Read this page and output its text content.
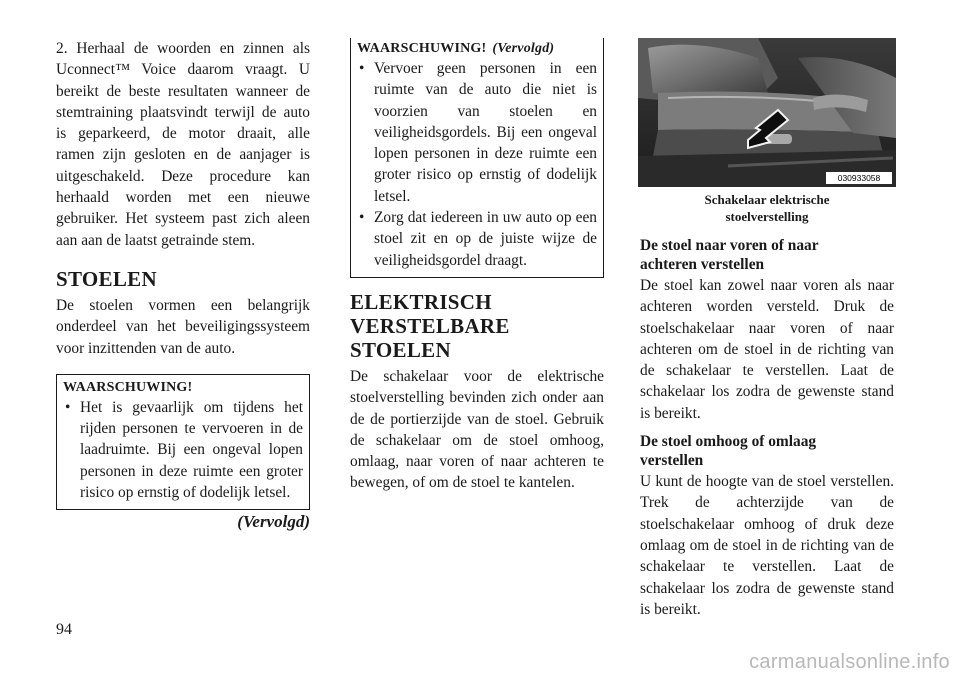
2. Herhaal de woorden en zinnen als Uconnect™ Voice daarom vraagt. U bereikt de beste resultaten wanneer de stemtraining plaatsvindt terwijl de auto is geparkeerd, de motor draait, alle ramen zijn gesloten en de aanjager is uitgeschakeld. Deze procedure kan herhaald worden met een nieuwe gebruiker. Het systeem past zich aleen aan aan de laatst getrainde stem.

STOELEN

De stoelen vormen een belangrijk onderdeel van het beveiligingssysteem voor inzittenden van de auto.

WAARSCHUWING!
• Het is gevaarlijk om tijdens het rijden personen te vervoeren in de laadruimte. Bij een ongeval lopen personen in deze ruimte een groter risico op ernstig of dodelijk letsel.
(Vervolgd)
WAARSCHUWING! (Vervolgd)
• Vervoer geen personen in een ruimte van de auto die niet is voorzien van stoelen en veiligheidsgordels. Bij een ongeval lopen personen in deze ruimte een groter risico op ernstig of dodelijk letsel.
• Zorg dat iedereen in uw auto op een stoel zit en op de juiste wijze de veiligheidsgordel draagt.
ELEKTRISCH
VERSTELBARE STOELEN

De schakelaar voor de elektrische stoelverstelling bevinden zich onder aan de de portierzijde van de stoel. Gebruik de schakelaar om de stoel omhoog, omlaag, naar voren of naar achteren te bewegen, of om de stoel te kantelen.

030933058
Schakelaar elektrische
stoelverstelling
De stoel naar voren of naar
achteren verstellen

De stoel kan zowel naar voren als naar achteren worden versteld. Druk de stoelschakelaar naar voren of naar achteren om de stoel in de richting van de schakelaar te verstellen. Laat de schakelaar los zodra de gewenste stand is bereikt.

De stoel omhoog of omlaag
verstellen

U kunt de hoogte van de stoel verstellen. Trek de achterzijde van de stoelschakelaar omhoog of druk deze omlaag om de stoel in de richting van de schakelaar te verstellen. Laat de schakelaar los zodra de gewenste stand is bereikt.

94
carmanualsonline.info
